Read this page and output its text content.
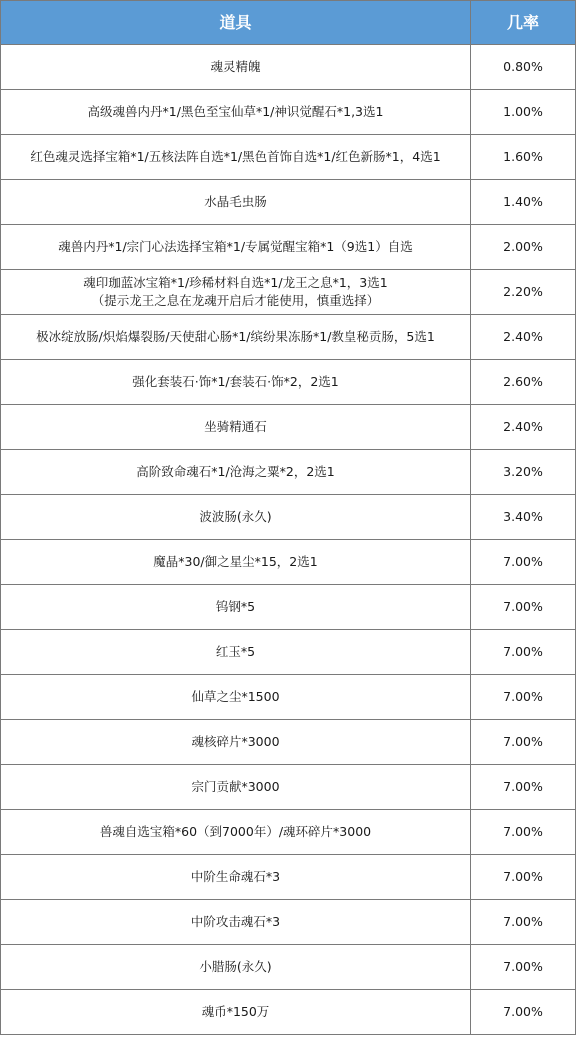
道具	几率

魂灵精魄	0.80%

高级魂兽内丹*1/黑色至宝仙草*1/神识觉醒石*1,3选1	1.00%

红色魂灵选择宝箱*1/五核法阵自选*1/黑色首饰自选*1/红色新肠*1，4选1	1.60%

水晶毛虫肠	1.40%

魂兽内丹*1/宗门心法选择宝箱*1/专属觉醒宝箱*1（9选1）自选	2.00%

魂印珈蓝冰宝箱*1/珍稀材料自选*1/龙王之息*1，3选1
（提示龙王之息在龙魂开启后才能使用，慎重选择）	2.20%

极冰绽放肠/炽焰爆裂肠/天使甜心肠*1/缤纷果冻肠*1/教皇秘贡肠，5选1	2.40%

强化套装石·饰*1/套装石·饰*2，2选1	2.60%

坐骑精通石	2.40%

高阶致命魂石*1/沧海之粟*2，2选1	3.20%

波波肠(永久)	3.40%

魔晶*30/御之星尘*15，2选1	7.00%

钨钢*5	7.00%

红玉*5	7.00%

仙草之尘*1500	7.00%

魂核碎片*3000	7.00%

宗门贡献*3000	7.00%

兽魂自选宝箱*60（到7000年）/魂环碎片*3000	7.00%

中阶生命魂石*3	7.00%

中阶攻击魂石*3	7.00%

小腊肠(永久)	7.00%

魂币*150万	7.00%
